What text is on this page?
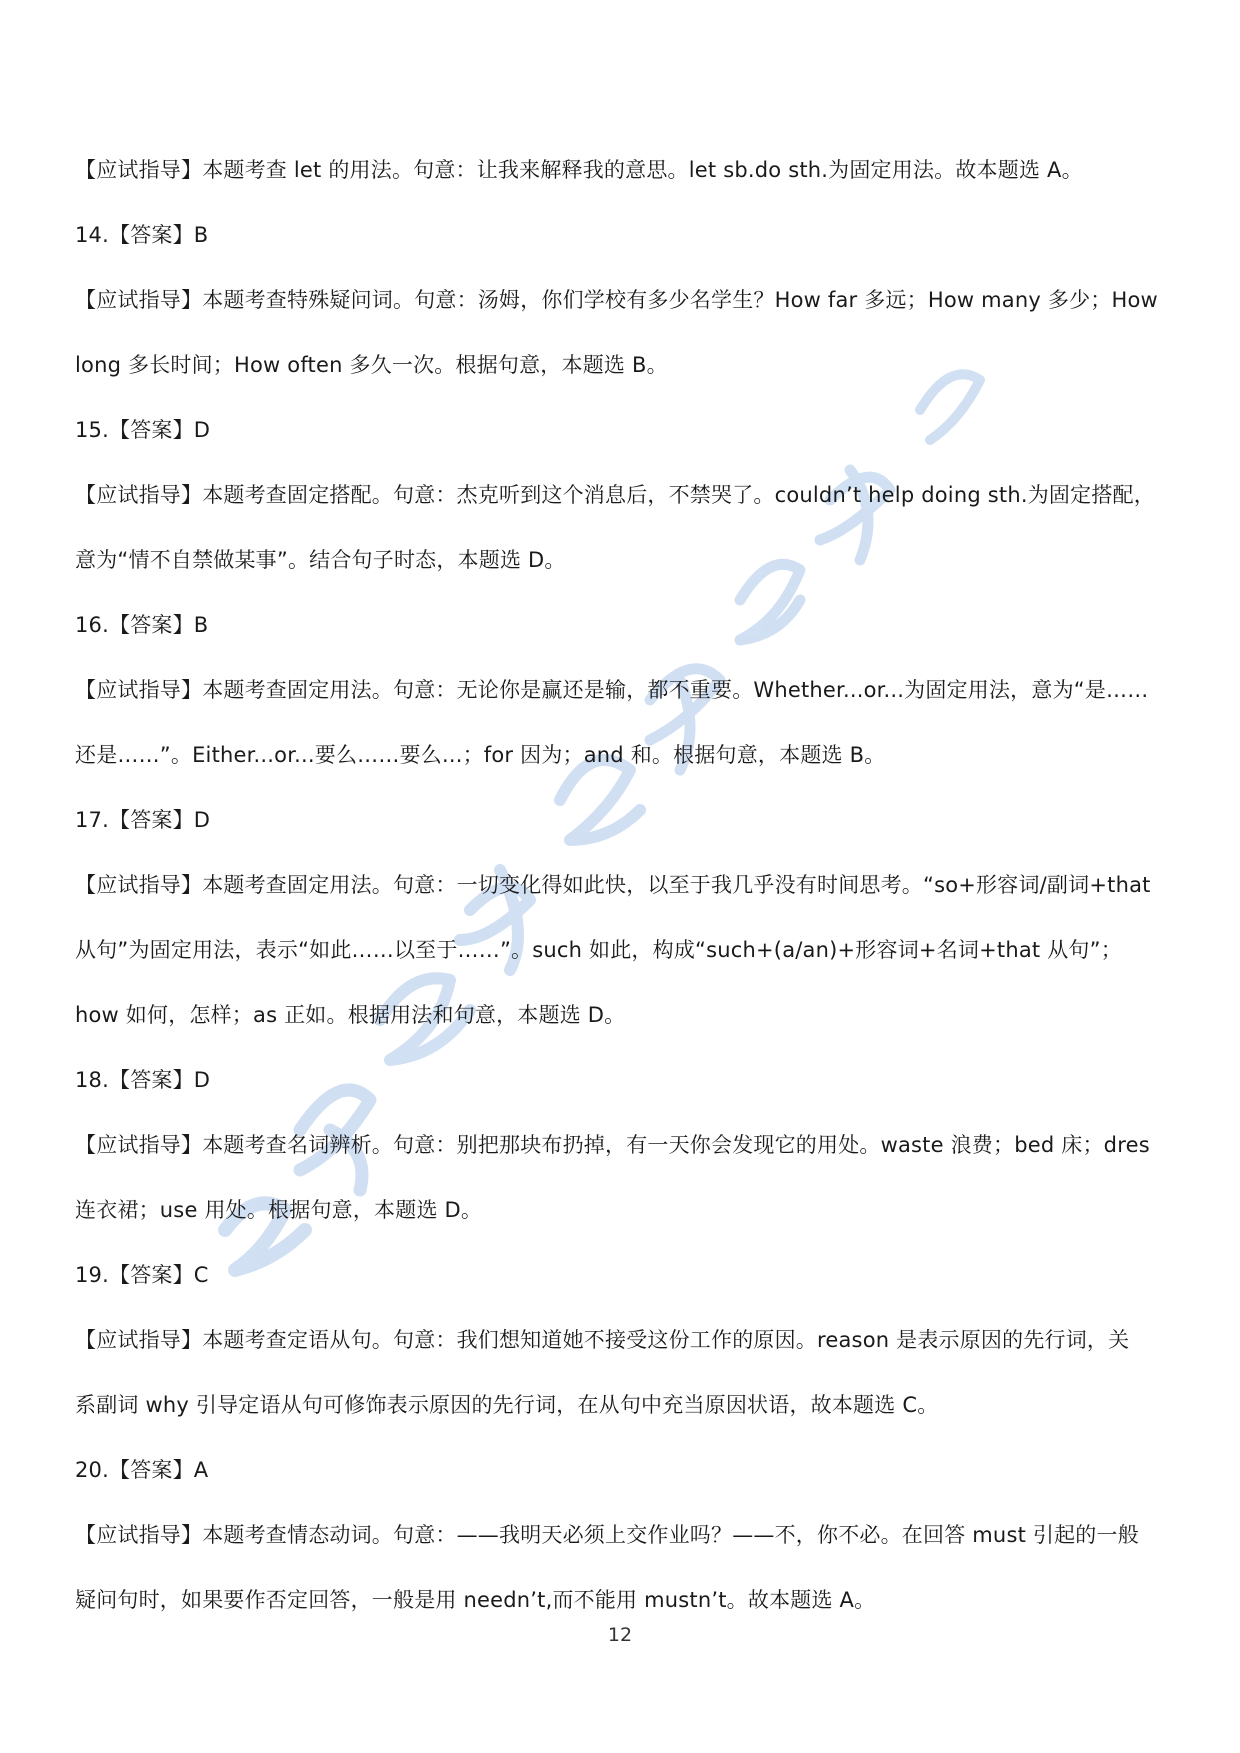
【应试指导】本题考查 let 的用法。句意：让我来解释我的意思。let sb.do sth.为固定用法。故本题选 A。
14.【答案】B
【应试指导】本题考查特殊疑问词。句意：汤姆，你们学校有多少名学生？How far 多远；How many 多少；How
long 多长时间；How often 多久一次。根据句意，本题选 B。
15.【答案】D
【应试指导】本题考查固定搭配。句意：杰克听到这个消息后，不禁哭了。couldn’t help doing sth.为固定搭配，
意为“情不自禁做某事”。结合句子时态，本题选 D。
16.【答案】B
【应试指导】本题考查固定用法。句意：无论你是赢还是输，都不重要。Whether...or...为固定用法，意为“是……
还是……”。Either...or...要么……要么...；for 因为；and 和。根据句意，本题选 B。
17.【答案】D
【应试指导】本题考查固定用法。句意：一切变化得如此快，以至于我几乎没有时间思考。“so+形容词/副词+that
从句”为固定用法，表示“如此……以至于……”。such 如此，构成“such+(a/an)+形容词+名词+that 从句”；
how 如何，怎样；as 正如。根据用法和句意，本题选 D。
18.【答案】D
【应试指导】本题考查名词辨析。句意：别把那块布扔掉，有一天你会发现它的用处。waste 浪费；bed 床；dres
连衣裙；use 用处。根据句意，本题选 D。
19.【答案】C
【应试指导】本题考查定语从句。句意：我们想知道她不接受这份工作的原因。reason 是表示原因的先行词，关
系副词 why 引导定语从句可修饰表示原因的先行词，在从句中充当原因状语，故本题选 C。
20.【答案】A
【应试指导】本题考查情态动词。句意：——我明天必须上交作业吗？——不，你不必。在回答 must 引起的一般
疑问句时，如果要作否定回答，一般是用 needn’t,而不能用 mustn’t。故本题选 A。
12
